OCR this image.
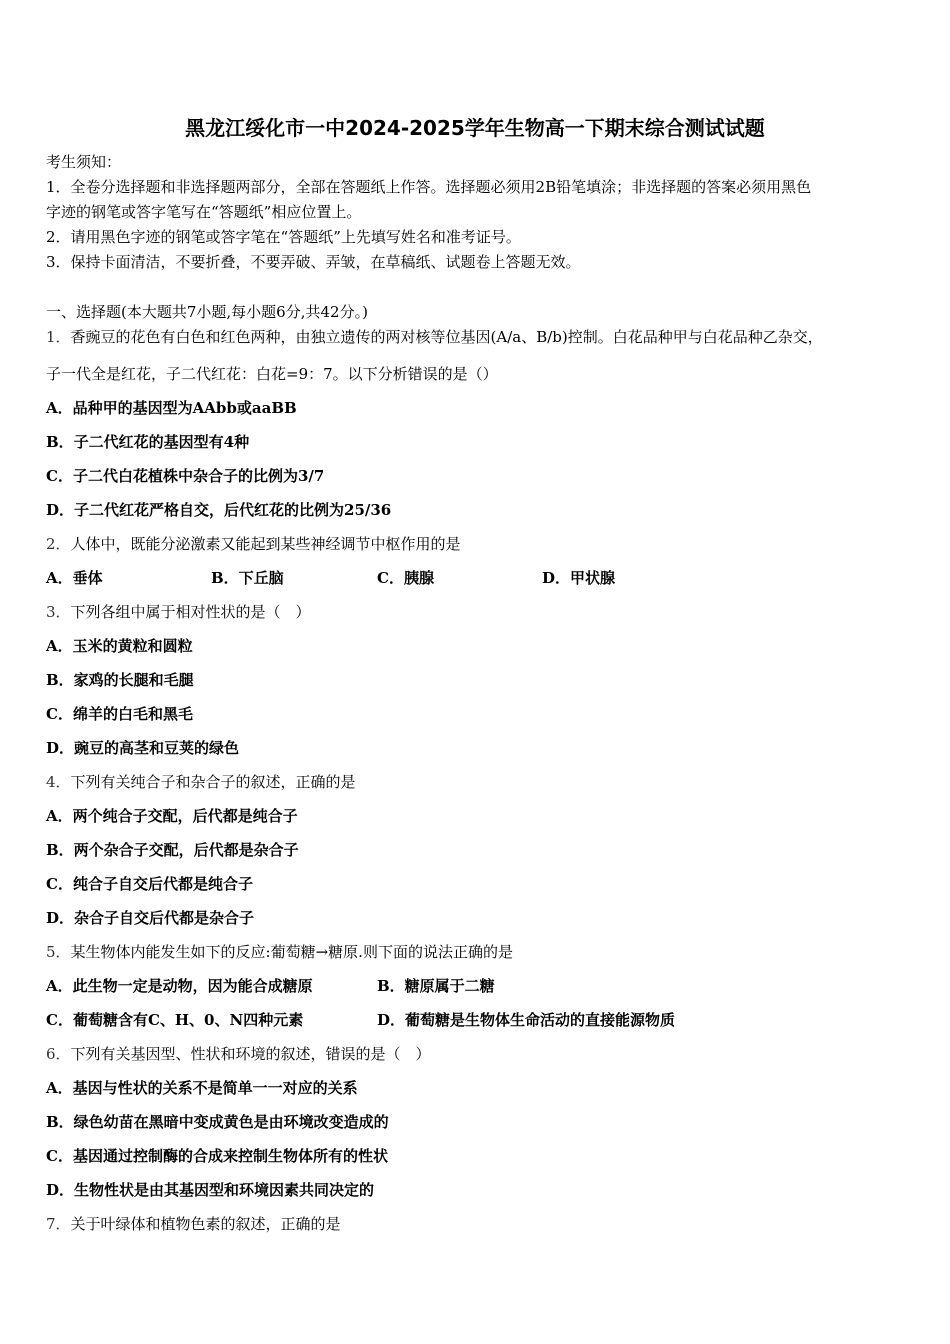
黑龙江绥化市一中2024-2025学年生物高一下期末综合测试试题
考生须知：
1．全卷分选择题和非选择题两部分，全部在答题纸上作答。选择题必须用2B铅笔填涂；非选择题的答案必须用黑色
字迹的钢笔或答字笔写在“答题纸”相应位置上。
2．请用黑色字迹的钢笔或答字笔在“答题纸”上先填写姓名和准考证号。
3．保持卡面清洁，不要折叠，不要弄破、弄皱，在草稿纸、试题卷上答题无效。
一、选择题(本大题共7小题,每小题6分,共42分。)
1．香豌豆的花色有白色和红色两种，由独立遗传的两对核等位基因(A/a、B/b)控制。白花品种甲与白花品种乙杂交，
子一代全是红花，子二代红花：白花=9：7。以下分析错误的是（）
A．品种甲的基因型为AAbb或aaBB
B．子二代红花的基因型有4种
C．子二代白花植株中杂合子的比例为3/7
D．子二代红花严格自交，后代红花的比例为25/36
2．人体中，既能分泌激素又能起到某些神经调节中枢作用的是
A．垂体	B．下丘脑	C．胰腺	D．甲状腺
3．下列各组中属于相对性状的是（　）
A．玉米的黄粒和圆粒
B．家鸡的长腿和毛腿
C．绵羊的白毛和黑毛
D．豌豆的高茎和豆荚的绿色
4．下列有关纯合子和杂合子的叙述，正确的是
A．两个纯合子交配，后代都是纯合子
B．两个杂合子交配，后代都是杂合子
C．纯合子自交后代都是纯合子
D．杂合子自交后代都是杂合子
5．某生物体内能发生如下的反应:葡萄糖→糖原.则下面的说法正确的是
A．此生物一定是动物，因为能合成糖原	B．糖原属于二糖
C．葡萄糖含有C、H、0、N四种元素	D．葡萄糖是生物体生命活动的直接能源物质
6．下列有关基因型、性状和环境的叙述，错误的是（　）
A．基因与性状的关系不是简单一一对应的关系
B．绿色幼苗在黑暗中变成黄色是由环境改变造成的
C．基因通过控制酶的合成来控制生物体所有的性状
D．生物性状是由其基因型和环境因素共同决定的
7．关于叶绿体和植物色素的叙述，正确的是
